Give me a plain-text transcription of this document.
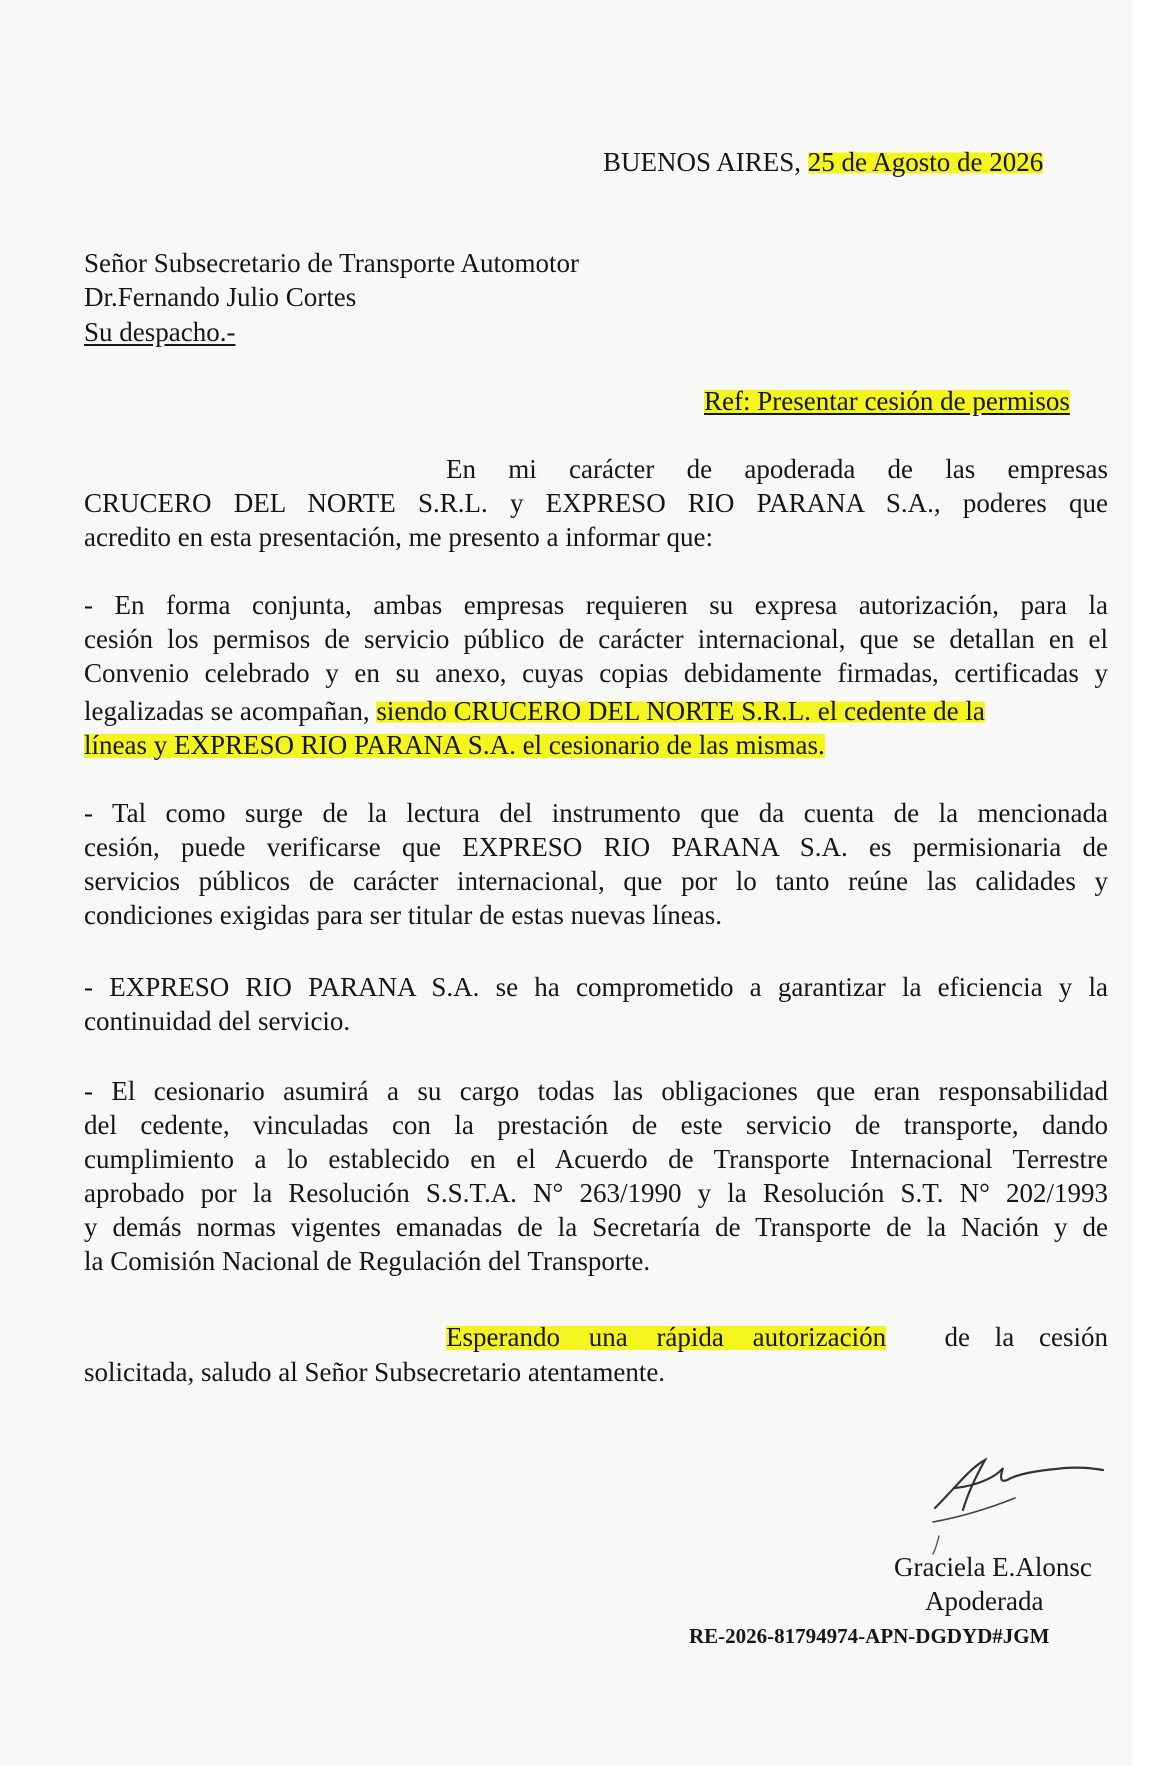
BUENOS AIRES, 25 de Agosto de 2026
Señor Subsecretario de Transporte Automotor
Dr.Fernando Julio Cortes
Su despacho.-
Ref: Presentar cesión de permisos
En mi carácter de apoderada de las empresas
CRUCERO DEL NORTE S.R.L. y EXPRESO RIO PARANA S.A., poderes que
acredito en esta presentación, me presento a informar que:
- En forma conjunta, ambas empresas requieren su expresa autorización, para la
cesión los permisos de servicio público de carácter internacional, que se detallan en el
Convenio celebrado y en su anexo, cuyas copias debidamente firmadas, certificadas y
legalizadas se acompañan, siendo CRUCERO DEL NORTE S.R.L. el cedente de la
líneas y EXPRESO RIO PARANA S.A. el cesionario de las mismas.
- Tal como surge de la lectura del instrumento que da cuenta de la mencionada
cesión, puede verificarse que EXPRESO RIO PARANA S.A. es permisionaria de
servicios públicos de carácter internacional, que por lo tanto reúne las calidades y
condiciones exigidas para ser titular de estas nuevas líneas.
- EXPRESO RIO PARANA S.A. se ha comprometido a garantizar la eficiencia y la
continuidad del servicio.
- El cesionario asumirá a su cargo todas las obligaciones que eran responsabilidad
del cedente, vinculadas con la prestación de este servicio de transporte, dando
cumplimiento a lo establecido en el Acuerdo de Transporte Internacional Terrestre
aprobado por la Resolución S.S.T.A. N° 263/1990 y la Resolución S.T. N° 202/1993
y demás normas vigentes emanadas de la Secretaría de Transporte de la Nación y de
la Comisión Nacional de Regulación del Transporte.
Esperando una rápida autorización de la cesión
solicitada, saludo al Señor Subsecretario atentamente.
Graciela E.Alonsc
Apoderada
RE-2026-81794974-APN-DGDYD#JGM
